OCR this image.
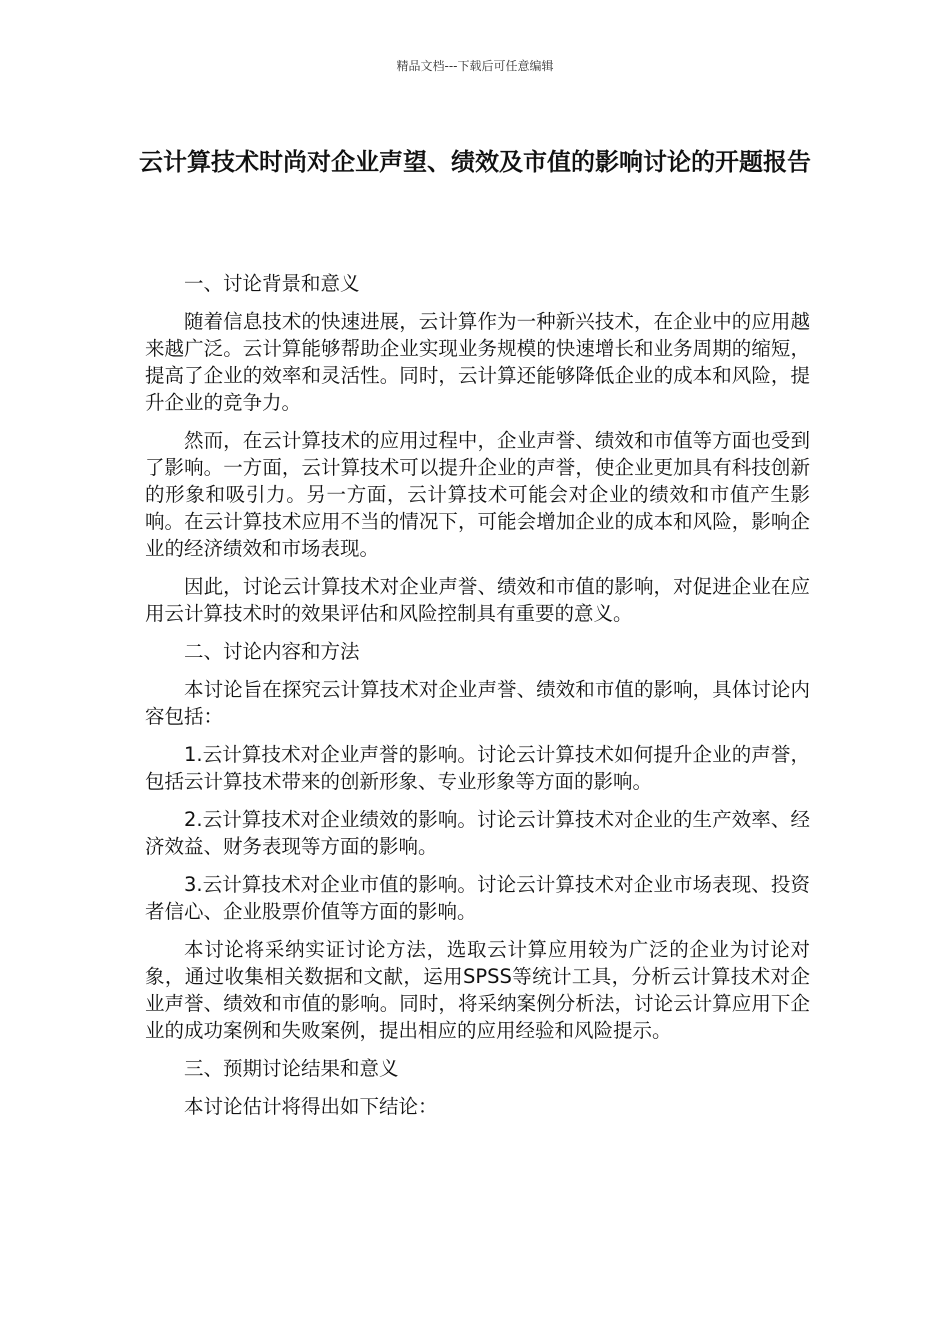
精品文档---下载后可任意编辑
云计算技术时尚对企业声望、绩效及市值的影响讨论的开题报告

一、讨论背景和意义

随着信息技术的快速进展，云计算作为一种新兴技术，在企业中的应用越来越广泛。云计算能够帮助企业实现业务规模的快速增长和业务周期的缩短，提高了企业的效率和灵活性。同时，云计算还能够降低企业的成本和风险，提升企业的竞争力。

然而，在云计算技术的应用过程中，企业声誉、绩效和市值等方面也受到了影响。一方面，云计算技术可以提升企业的声誉，使企业更加具有科技创新的形象和吸引力。另一方面，云计算技术可能会对企业的绩效和市值产生影响。在云计算技术应用不当的情况下，可能会增加企业的成本和风险，影响企业的经济绩效和市场表现。

因此，讨论云计算技术对企业声誉、绩效和市值的影响，对促进企业在应用云计算技术时的效果评估和风险控制具有重要的意义。

二、讨论内容和方法

本讨论旨在探究云计算技术对企业声誉、绩效和市值的影响，具体讨论内容包括：

1.云计算技术对企业声誉的影响。讨论云计算技术如何提升企业的声誉，包括云计算技术带来的创新形象、专业形象等方面的影响。

2.云计算技术对企业绩效的影响。讨论云计算技术对企业的生产效率、经济效益、财务表现等方面的影响。

3.云计算技术对企业市值的影响。讨论云计算技术对企业市场表现、投资者信心、企业股票价值等方面的影响。

本讨论将采纳实证讨论方法，选取云计算应用较为广泛的企业为讨论对象，通过收集相关数据和文献，运用SPSS等统计工具，分析云计算技术对企业声誉、绩效和市值的影响。同时，将采纳案例分析法，讨论云计算应用下企业的成功案例和失败案例，提出相应的应用经验和风险提示。

三、预期讨论结果和意义

本讨论估计将得出如下结论：
